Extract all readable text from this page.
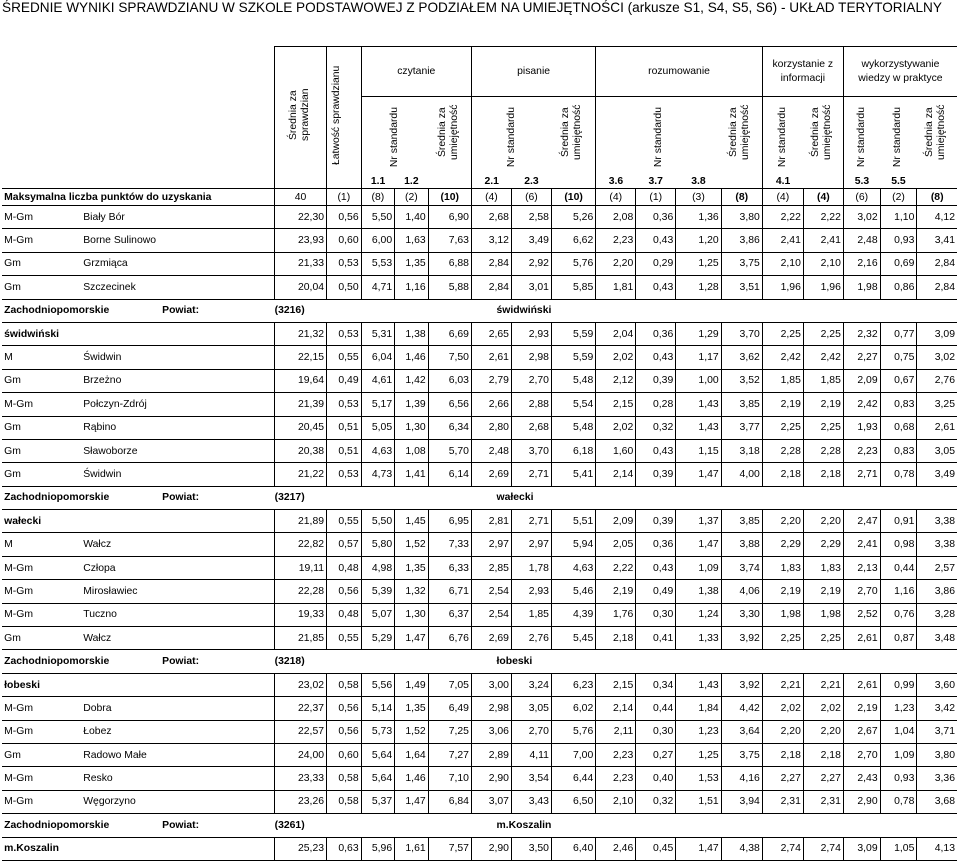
ŚREDNIE WYNIKI SPRAWDZIANU W SZKOLE PODSTAWOWEJ Z PODZIAŁEM NA UMIEJĘTNOŚCI (arkusze S1, S4, S5, S6) - UKŁAD TERYTORIALNY
				Średnia za sprawdzian	Łatwość sprawdzianu	czytanie			pisanie			rozumowanie				korzystanie z informacji		wykorzystywanie wiedzy w praktyce		
						Nr standardu		Średnia za umiejętność	Nr standardu		Średnia za umiejętność	Nr standardu			Średnia za umiejętność	Nr standardu	Średnia za umiejętność	Nr standardu	Nr standardu	Średnia za umiejętność
						1.1	1.2		2.1	2.3		3.6	3.7	3.8		4.1		5.3	5.5	
	Maksymalna liczba punktów do uzyskania			40	(1)	(8)	(2)	(10)	(4)	(6)	(10)	(4)	(1)	(3)	(8)	(4)	(4)	(6)	(2)	(8)
	M-Gm	Biały Bór		22,30	0,56	5,50	1,40	6,90	2,68	2,58	5,26	2,08	0,36	1,36	3,80	2,22	2,22	3,02	1,10	4,12
	M-Gm	Borne Sulinowo		23,93	0,60	6,00	1,63	7,63	3,12	3,49	6,62	2,23	0,43	1,20	3,86	2,41	2,41	2,48	0,93	3,41
	Gm	Grzmiąca		21,33	0,53	5,53	1,35	6,88	2,84	2,92	5,76	2,20	0,29	1,25	3,75	2,10	2,10	2,16	0,69	2,84
	Gm	Szczecinek		20,04	0,50	4,71	1,16	5,88	2,84	3,01	5,85	1,81	0,43	1,28	3,51	1,96	1,96	1,98	0,86	2,84
	Zachodniopomorskie		Powiat:	(3216)	świdwiński															
	świdwiński			21,32	0,53	5,31	1,38	6,69	2,65	2,93	5,59	2,04	0,36	1,29	3,70	2,25	2,25	2,32	0,77	3,09
	M	Świdwin		22,15	0,55	6,04	1,46	7,50	2,61	2,98	5,59	2,02	0,43	1,17	3,62	2,42	2,42	2,27	0,75	3,02
	Gm	Brzeżno		19,64	0,49	4,61	1,42	6,03	2,79	2,70	5,48	2,12	0,39	1,00	3,52	1,85	1,85	2,09	0,67	2,76
	M-Gm	Połczyn-Zdrój		21,39	0,53	5,17	1,39	6,56	2,66	2,88	5,54	2,15	0,28	1,43	3,85	2,19	2,19	2,42	0,83	3,25
	Gm	Rąbino		20,45	0,51	5,05	1,30	6,34	2,80	2,68	5,48	2,02	0,32	1,43	3,77	2,25	2,25	1,93	0,68	2,61
	Gm	Sławoborze		20,38	0,51	4,63	1,08	5,70	2,48	3,70	6,18	1,60	0,43	1,15	3,18	2,28	2,28	2,23	0,83	3,05
	Gm	Świdwin		21,22	0,53	4,73	1,41	6,14	2,69	2,71	5,41	2,14	0,39	1,47	4,00	2,18	2,18	2,71	0,78	3,49
	Zachodniopomorskie		Powiat:	(3217)	wałecki															
	wałecki			21,89	0,55	5,50	1,45	6,95	2,81	2,71	5,51	2,09	0,39	1,37	3,85	2,20	2,20	2,47	0,91	3,38
	M	Wałcz		22,82	0,57	5,80	1,52	7,33	2,97	2,97	5,94	2,05	0,36	1,47	3,88	2,29	2,29	2,41	0,98	3,38
	M-Gm	Człopa		19,11	0,48	4,98	1,35	6,33	2,85	1,78	4,63	2,22	0,43	1,09	3,74	1,83	1,83	2,13	0,44	2,57
	M-Gm	Mirosławiec		22,28	0,56	5,39	1,32	6,71	2,54	2,93	5,46	2,19	0,49	1,38	4,06	2,19	2,19	2,70	1,16	3,86
	M-Gm	Tuczno		19,33	0,48	5,07	1,30	6,37	2,54	1,85	4,39	1,76	0,30	1,24	3,30	1,98	1,98	2,52	0,76	3,28
	Gm	Wałcz		21,85	0,55	5,29	1,47	6,76	2,69	2,76	5,45	2,18	0,41	1,33	3,92	2,25	2,25	2,61	0,87	3,48
	Zachodniopomorskie		Powiat:	(3218)	łobeski															
	łobeski			23,02	0,58	5,56	1,49	7,05	3,00	3,24	6,23	2,15	0,34	1,43	3,92	2,21	2,21	2,61	0,99	3,60
	M-Gm	Dobra		22,37	0,56	5,14	1,35	6,49	2,98	3,05	6,02	2,14	0,44	1,84	4,42	2,02	2,02	2,19	1,23	3,42
	M-Gm	Łobez		22,57	0,56	5,73	1,52	7,25	3,06	2,70	5,76	2,11	0,30	1,23	3,64	2,20	2,20	2,67	1,04	3,71
	Gm	Radowo Małe		24,00	0,60	5,64	1,64	7,27	2,89	4,11	7,00	2,23	0,27	1,25	3,75	2,18	2,18	2,70	1,09	3,80
	M-Gm	Resko		23,33	0,58	5,64	1,46	7,10	2,90	3,54	6,44	2,23	0,40	1,53	4,16	2,27	2,27	2,43	0,93	3,36
	M-Gm	Węgorzyno		23,26	0,58	5,37	1,47	6,84	3,07	3,43	6,50	2,10	0,32	1,51	3,94	2,31	2,31	2,90	0,78	3,68
	Zachodniopomorskie		Powiat:	(3261)	m.Koszalin															
	m.Koszalin			25,23	0,63	5,96	1,61	7,57	2,90	3,50	6,40	2,46	0,45	1,47	4,38	2,74	2,74	3,09	1,05	4,13
